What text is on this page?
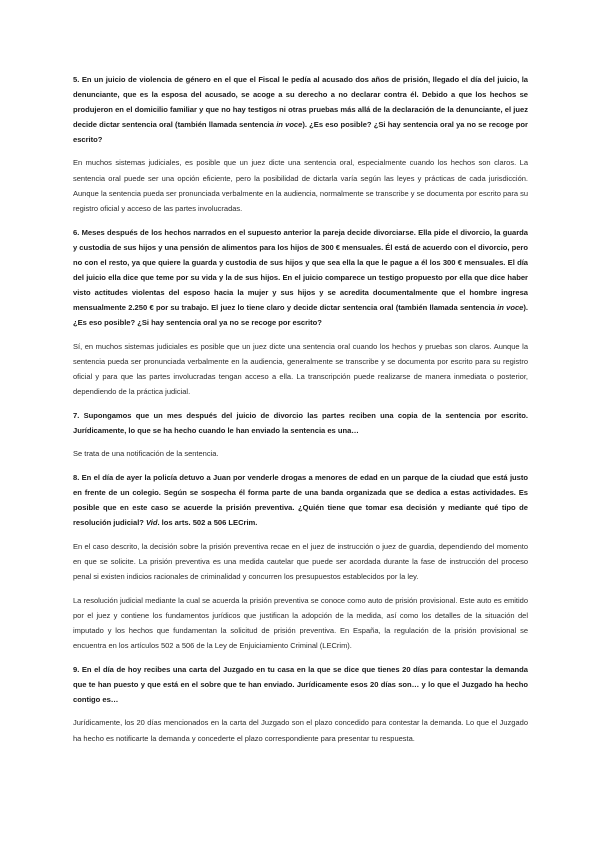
5. En un juicio de violencia de género en el que el Fiscal le pedía al acusado dos años de prisión, llegado el día del juicio, la denunciante, que es la esposa del acusado, se acoge a su derecho a no declarar contra él. Debido a que los hechos se produjeron en el domicilio familiar y que no hay testigos ni otras pruebas más allá de la declaración de la denunciante, el juez decide dictar sentencia oral (también llamada sentencia in voce). ¿Es eso posible? ¿Si hay sentencia oral ya no se recoge por escrito?

En muchos sistemas judiciales, es posible que un juez dicte una sentencia oral, especialmente cuando los hechos son claros. La sentencia oral puede ser una opción eficiente, pero la posibilidad de dictarla varía según las leyes y prácticas de cada jurisdicción. Aunque la sentencia pueda ser pronunciada verbalmente en la audiencia, normalmente se transcribe y se documenta por escrito para su registro oficial y acceso de las partes involucradas.

6. Meses después de los hechos narrados en el supuesto anterior la pareja decide divorciarse. Ella pide el divorcio, la guarda y custodia de sus hijos y una pensión de alimentos para los hijos de 300 € mensuales. Él está de acuerdo con el divorcio, pero no con el resto, ya que quiere la guarda y custodia de sus hijos y que sea ella la que le pague a él los 300 € mensuales. El día del juicio ella dice que teme por su vida y la de sus hijos. En el juicio comparece un testigo propuesto por ella que dice haber visto actitudes violentas del esposo hacia la mujer y sus hijos y se acredita documentalmente que el hombre ingresa mensualmente 2.250 € por su trabajo. El juez lo tiene claro y decide dictar sentencia oral (también llamada sentencia in voce). ¿Es eso posible? ¿Si hay sentencia oral ya no se recoge por escrito?

Sí, en muchos sistemas judiciales es posible que un juez dicte una sentencia oral cuando los hechos y pruebas son claros. Aunque la sentencia pueda ser pronunciada verbalmente en la audiencia, generalmente se transcribe y se documenta por escrito para su registro oficial y para que las partes involucradas tengan acceso a ella. La transcripción puede realizarse de manera inmediata o posterior, dependiendo de la práctica judicial.

7. Supongamos que un mes después del juicio de divorcio las partes reciben una copia de la sentencia por escrito. Jurídicamente, lo que se ha hecho cuando le han enviado la sentencia es una…

Se trata de una notificación de la sentencia.

8. En el día de ayer la policía detuvo a Juan por venderle drogas a menores de edad en un parque de la ciudad que está justo en frente de un colegio. Según se sospecha él forma parte de una banda organizada que se dedica a estas actividades. Es posible que en este caso se acuerde la prisión preventiva. ¿Quién tiene que tomar esa decisión y mediante qué tipo de resolución judicial? Vid. los arts. 502 a 506 LECrim.

En el caso descrito, la decisión sobre la prisión preventiva recae en el juez de instrucción o juez de guardia, dependiendo del momento en que se solicite. La prisión preventiva es una medida cautelar que puede ser acordada durante la fase de instrucción del proceso penal si existen indicios racionales de criminalidad y concurren los presupuestos establecidos por la ley.

La resolución judicial mediante la cual se acuerda la prisión preventiva se conoce como auto de prisión provisional. Este auto es emitido por el juez y contiene los fundamentos jurídicos que justifican la adopción de la medida, así como los detalles de la situación del imputado y los hechos que fundamentan la solicitud de prisión preventiva. En España, la regulación de la prisión provisional se encuentra en los artículos 502 a 506 de la Ley de Enjuiciamiento Criminal (LECrim).

9. En el día de hoy recibes una carta del Juzgado en tu casa en la que se dice que tienes 20 días para contestar la demanda que te han puesto y que está en el sobre que te han enviado. Jurídicamente esos 20 días son… y lo que el Juzgado ha hecho contigo es…

Jurídicamente, los 20 días mencionados en la carta del Juzgado son el plazo concedido para contestar la demanda. Lo que el Juzgado ha hecho es notificarte la demanda y concederte el plazo correspondiente para presentar tu respuesta.
